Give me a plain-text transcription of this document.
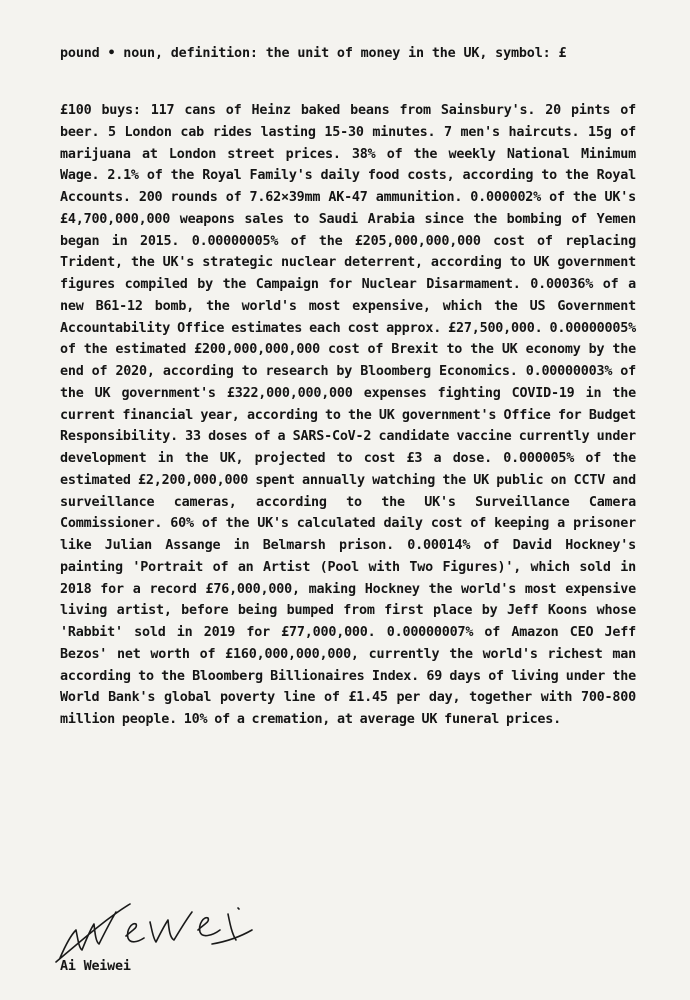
pound • noun, definition: the unit of money in the UK, symbol: £
£100 buys: 117 cans of Heinz baked beans from Sainsbury's. 20 pints of beer. 5 London cab rides lasting 15-30 minutes. 7 men's haircuts. 15g of marijuana at London street prices. 38% of the weekly National Minimum Wage. 2.1% of the Royal Family's daily food costs, according to the Royal Accounts. 200 rounds of 7.62×39mm AK-47 ammunition. 0.000002% of the UK's £4,700,000,000 weapons sales to Saudi Arabia since the bombing of Yemen began in 2015. 0.00000005% of the £205,000,000,000 cost of replacing Trident, the UK's strategic nuclear deterrent, according to UK government figures compiled by the Campaign for Nuclear Disarmament. 0.00036% of a new B61-12 bomb, the world's most expensive, which the US Government Accountability Office estimates each cost approx. £27,500,000. 0.00000005% of the estimated £200,000,000,000 cost of Brexit to the UK economy by the end of 2020, according to research by Bloomberg Economics. 0.00000003% of the UK government's £322,000,000,000 expenses fighting COVID-19 in the current financial year, according to the UK government's Office for Budget Responsibility. 33 doses of a SARS-CoV-2 candidate vaccine currently under development in the UK, projected to cost £3 a dose. 0.000005% of the estimated £2,200,000,000 spent annually watching the UK public on CCTV and surveillance cameras, according to the UK's Surveillance Camera Commissioner. 60% of the UK's calculated daily cost of keeping a prisoner like Julian Assange in Belmarsh prison. 0.00014% of David Hockney's painting 'Portrait of an Artist (Pool with Two Figures)', which sold in 2018 for a record £76,000,000, making Hockney the world's most expensive living artist, before being bumped from first place by Jeff Koons whose 'Rabbit' sold in 2019 for £77,000,000. 0.00000007% of Amazon CEO Jeff Bezos' net worth of £160,000,000,000, currently the world's richest man according to the Bloomberg Billionaires Index. 69 days of living under the World Bank's global poverty line of £1.45 per day, together with 700-800 million people. 10% of a cremation, at average UK funeral prices.
Ai Weiwei
